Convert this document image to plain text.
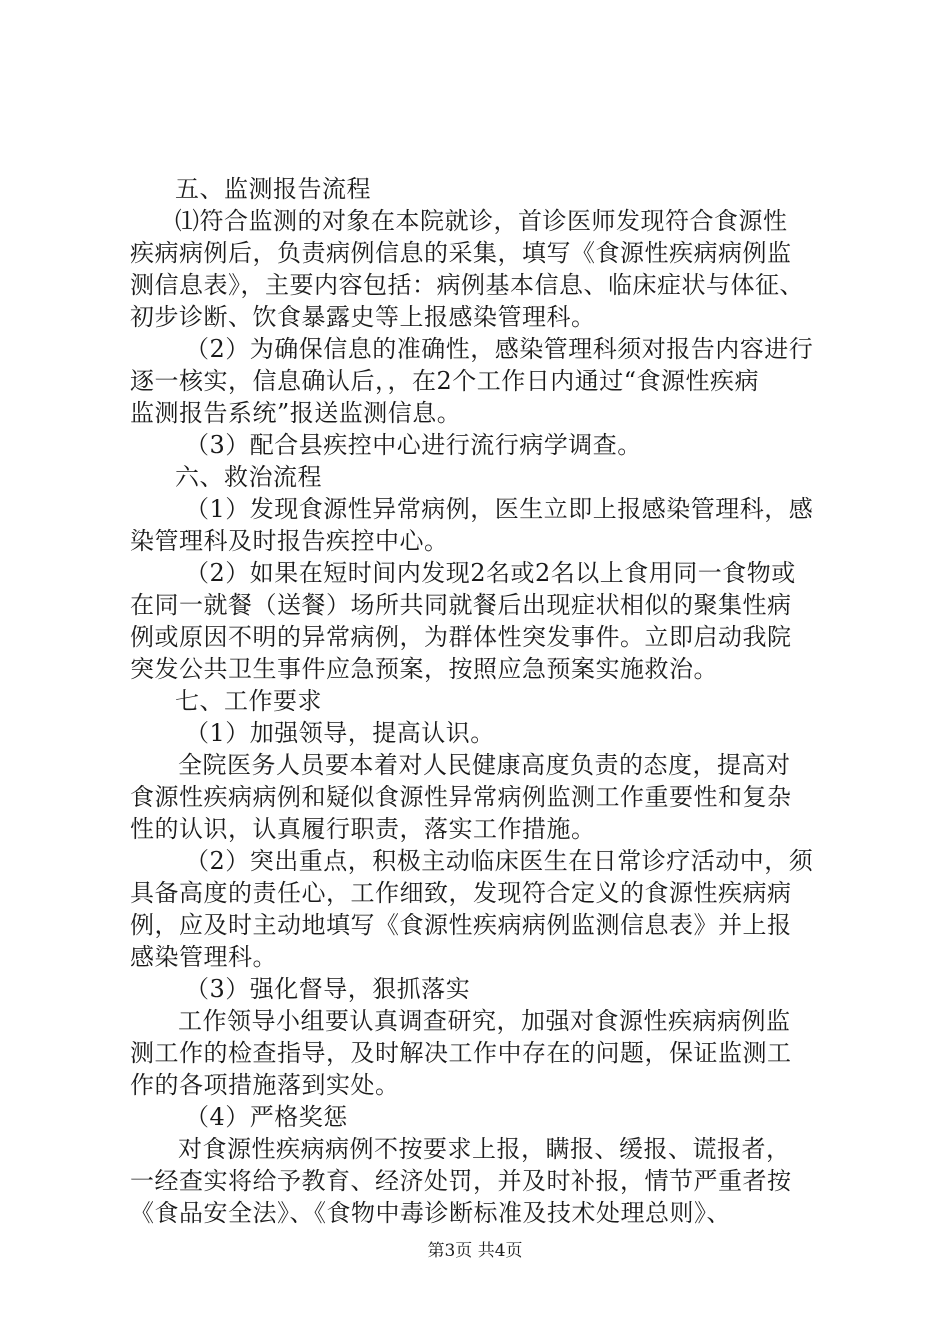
五、监测报告流程
⑴符合监测的对象在本院就诊，首诊医师发现符合食源性
疾病病例后，负责病例信息的采集，填写《食源性疾病病例监
测信息表》，主要内容包括：病例基本信息、临床症状与体征、
初步诊断、饮食暴露史等上报感染管理科。
（2）为确保信息的准确性，感染管理科须对报告内容进行
逐一核实，信息确认后，，在2个工作日内通过“食源性疾病
监测报告系统”报送监测信息。
（3）配合县疾控中心进行流行病学调查。
六、救治流程
（1）发现食源性异常病例，医生立即上报感染管理科，感
染管理科及时报告疾控中心。
（2）如果在短时间内发现2名或2名以上食用同一食物或
在同一就餐（送餐）场所共同就餐后出现症状相似的聚集性病
例或原因不明的异常病例，为群体性突发事件。立即启动我院
突发公共卫生事件应急预案，按照应急预案实施救治。
七、工作要求
（1）加强领导，提高认识。
全院医务人员要本着对人民健康高度负责的态度，提高对
食源性疾病病例和疑似食源性异常病例监测工作重要性和复杂
性的认识，认真履行职责，落实工作措施。
（2）突出重点，积极主动临床医生在日常诊疗活动中，须
具备高度的责任心，工作细致，发现符合定义的食源性疾病病
例，应及时主动地填写《食源性疾病病例监测信息表》并上报
感染管理科。
（3）强化督导，狠抓落实
工作领导小组要认真调查研究，加强对食源性疾病病例监
测工作的检查指导，及时解决工作中存在的问题，保证监测工
作的各项措施落到实处。
（4）严格奖惩
对食源性疾病病例不按要求上报，瞒报、缓报、谎报者，
一经查实将给予教育、经济处罚，并及时补报，情节严重者按
《食品安全法》、《食物中毒诊断标准及技术处理总则》、
第3页 共4页
